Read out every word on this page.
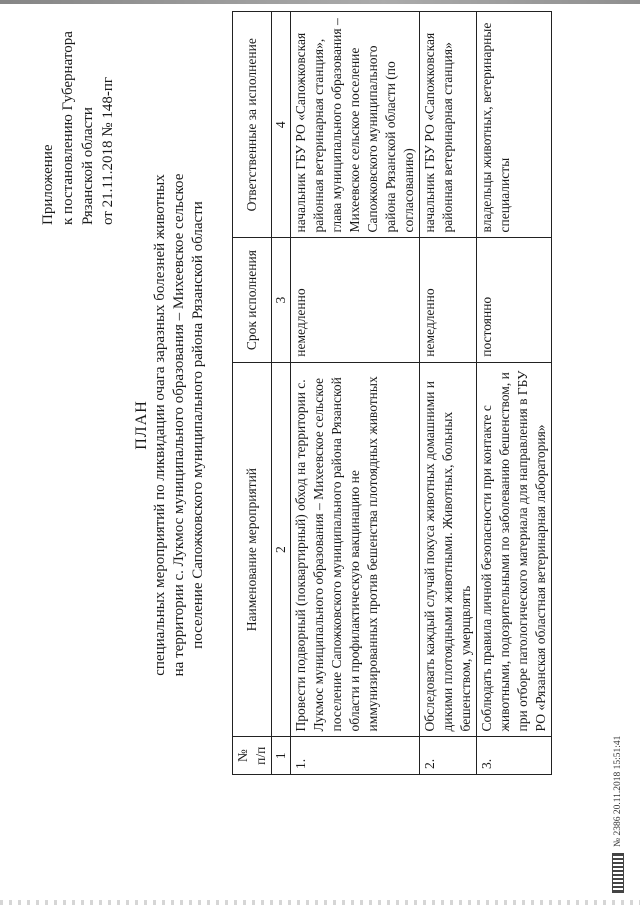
Приложение к постановлению Губернатора Рязанской области от 21.11.2018 № 148-пг
ПЛАН специальных мероприятий по ликвидации очага заразных болезней животных на территории с. Лукмос муниципального образования – Михеевское сельское поселение Сапожковского муниципального района Рязанской области
№ п/п	Наименование мероприятий	Срок исполнения	Ответственные за исполнение
1	2	3	4
1.	Провести подворный (поквартирный) обход на территории с. Лукмос муниципального образования – Михеевское сельское поселение Сапожковского муниципального района Рязанской области и профилактическую вакцинацию не иммунизированных против бешенства плотоядных животных	немедленно	начальник ГБУ РО «Сапожковская районная ветеринарная станция», глава муниципального образования – Михеевское сельское поселение Сапожковского муниципального района Рязанской области (по согласованию)
2.	Обследовать каждый случай покуса животных домашними и дикими плотоядными животными. Животных, больных бешенством, умерщвлять	немедленно	начальник ГБУ РО «Сапожковская районная ветеринарная станция»
3.	Соблюдать правила личной безопасности при контакте с животными, подозрительными по заболеванию бешенством, и при отборе патологического материала для направления в ГБУ РО «Рязанская областная ветеринарная лаборатория»	постоянно	владельцы животных, ветеринарные специалисты
№ 2386 20.11.2018 15:51:41
